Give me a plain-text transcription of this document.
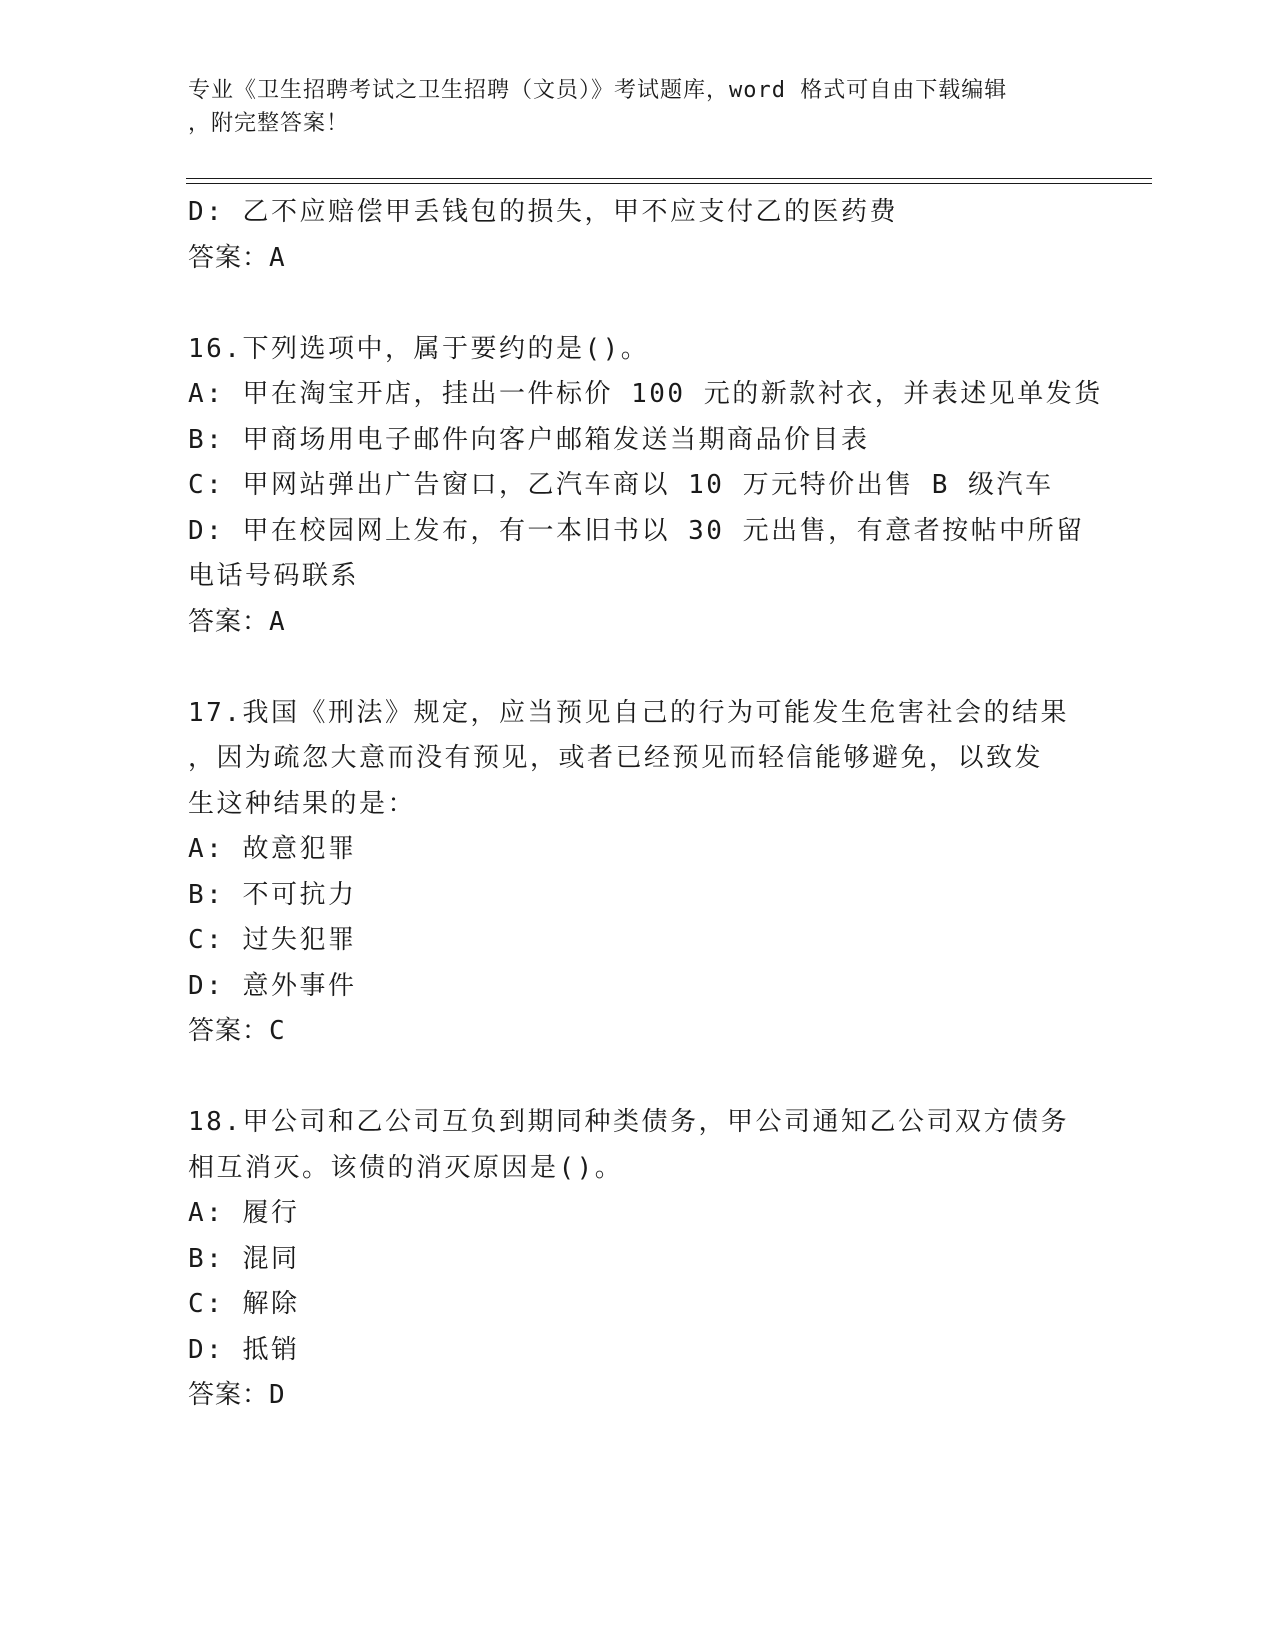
专业《卫生招聘考试之卫生招聘（文员）》考试题库，word 格式可自由下载编辑
，附完整答案！
D: 乙不应赔偿甲丢钱包的损失，甲不应支付乙的医药费
答案：A
16.下列选项中，属于要约的是()。
A: 甲在淘宝开店，挂出一件标价 100 元的新款衬衣，并表述见单发货
B: 甲商场用电子邮件向客户邮箱发送当期商品价目表
C: 甲网站弹出广告窗口，乙汽车商以 10 万元特价出售 B 级汽车
D: 甲在校园网上发布，有一本旧书以 30 元出售，有意者按帖中所留
电话号码联系
答案：A
17.我国《刑法》规定，应当预见自己的行为可能发生危害社会的结果
，因为疏忽大意而没有预见，或者已经预见而轻信能够避免，以致发
生这种结果的是：
A: 故意犯罪
B: 不可抗力
C: 过失犯罪
D: 意外事件
答案：C
18.甲公司和乙公司互负到期同种类债务，甲公司通知乙公司双方债务
相互消灭。该债的消灭原因是()。
A: 履行
B: 混同
C: 解除
D: 抵销
答案：D
